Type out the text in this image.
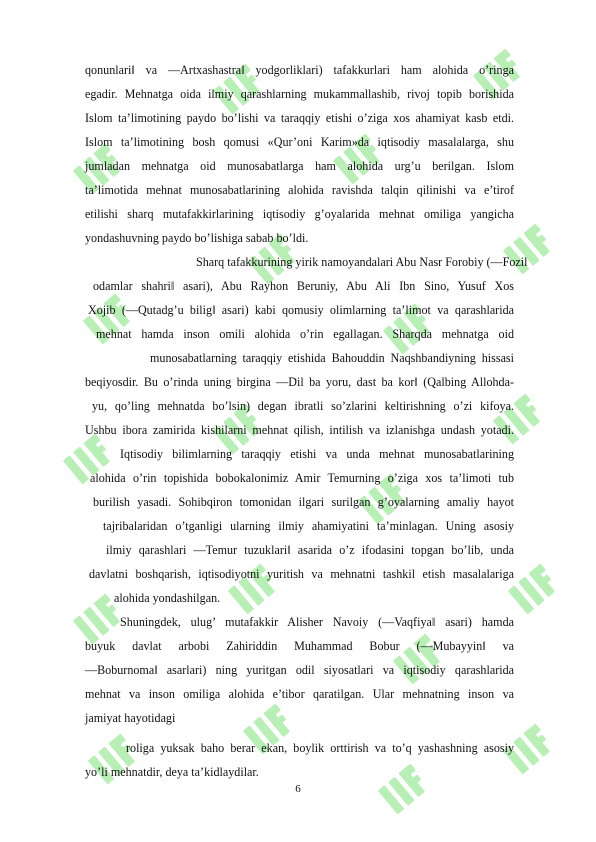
qonunlari‖ va ―Artxashastra‖ yodgorliklari) tafakkurlari ham alohida o’ringa
egadir. Mehnatga oida ilmiy qarashlarning mukammallashib, rivoj topib borishida
Islom ta’limotining paydo bo’lishi va taraqqiy etishi o’ziga xos ahamiyat kasb etdi.
Islom ta’limotining bosh qomusi «Qur’oni Karim»da iqtisodiy masalalarga, shu
jumladan mehnatga oid munosabatlarga ham alohida urg’u berilgan. Islom
ta’limotida mehnat munosabatlarining alohida ravishda talqin qilinishi va e’tirof
etilishi sharq mutafakkirlarining iqtisodiy g’oyalarida mehnat omiliga yangicha
yondashuvning paydo bo’lishiga sabab bo’ldi.
Sharq tafakkurining yirik namoyandalari Abu Nasr Forobiy (―Fozil
odamlar shahri‖ asari), Abu Rayhon Beruniy, Abu Ali Ibn Sino, Yusuf Xos
Xojib (―Qutadg’u bilig‖ asari) kabi qomusiy olimlarning ta’limot va qarashlarida
mehnat hamda inson omili alohida o’rin egallagan. Sharqda mehnatga oid
munosabatlarning taraqqiy etishida Bahouddin Naqshbandiyning hissasi
beqiyosdir. Bu o’rinda uning birgina ―Dil ba yoru, dast ba kor‖ (Qalbing Allohda-
yu, qo’ling mehnatda bo’lsin) degan ibratli so’zlarini keltirishning o’zi kifoya.
Ushbu ibora zamirida kishilarni mehnat qilish, intilish va izlanishga undash yotadi.
Iqtisodiy bilimlarning taraqqiy etishi va unda mehnat munosabatlarining
alohida o’rin topishida bobokalonimiz Amir Temurning o’ziga xos ta’limoti tub
burilish yasadi. Sohibqiron tomonidan ilgari surilgan g’oyalarning amaliy hayot
tajribalaridan o’tganligi ularning ilmiy ahamiyatini ta’minlagan. Uning asosiy
ilmiy qarashlari ―Temur tuzuklari‖ asarida o’z ifodasini topgan bo’lib, unda
davlatni boshqarish, iqtisodiyotni yuritish va mehnatni tashkil etish masalalariga
alohida yondashilgan.
Shuningdek, ulug’ mutafakkir Alisher Navoiy (―Vaqfiya‖ asari) hamda
buyuk davlat arbobi Zahiriddin Muhammad Bobur (―Mubayyin‖ va
―Boburnoma‖ asarlari) ning yuritgan odil siyosatlari va iqtisodiy qarashlarida
mehnat va inson omiliga alohida e’tibor qaratilgan. Ular mehnatning inson va
jamiyat hayotidagi
roliga yuksak baho berar ekan, boylik orttirish va to’q yashashning asosiy
yo’li mehnatdir, deya ta’kidlaydilar.
6
